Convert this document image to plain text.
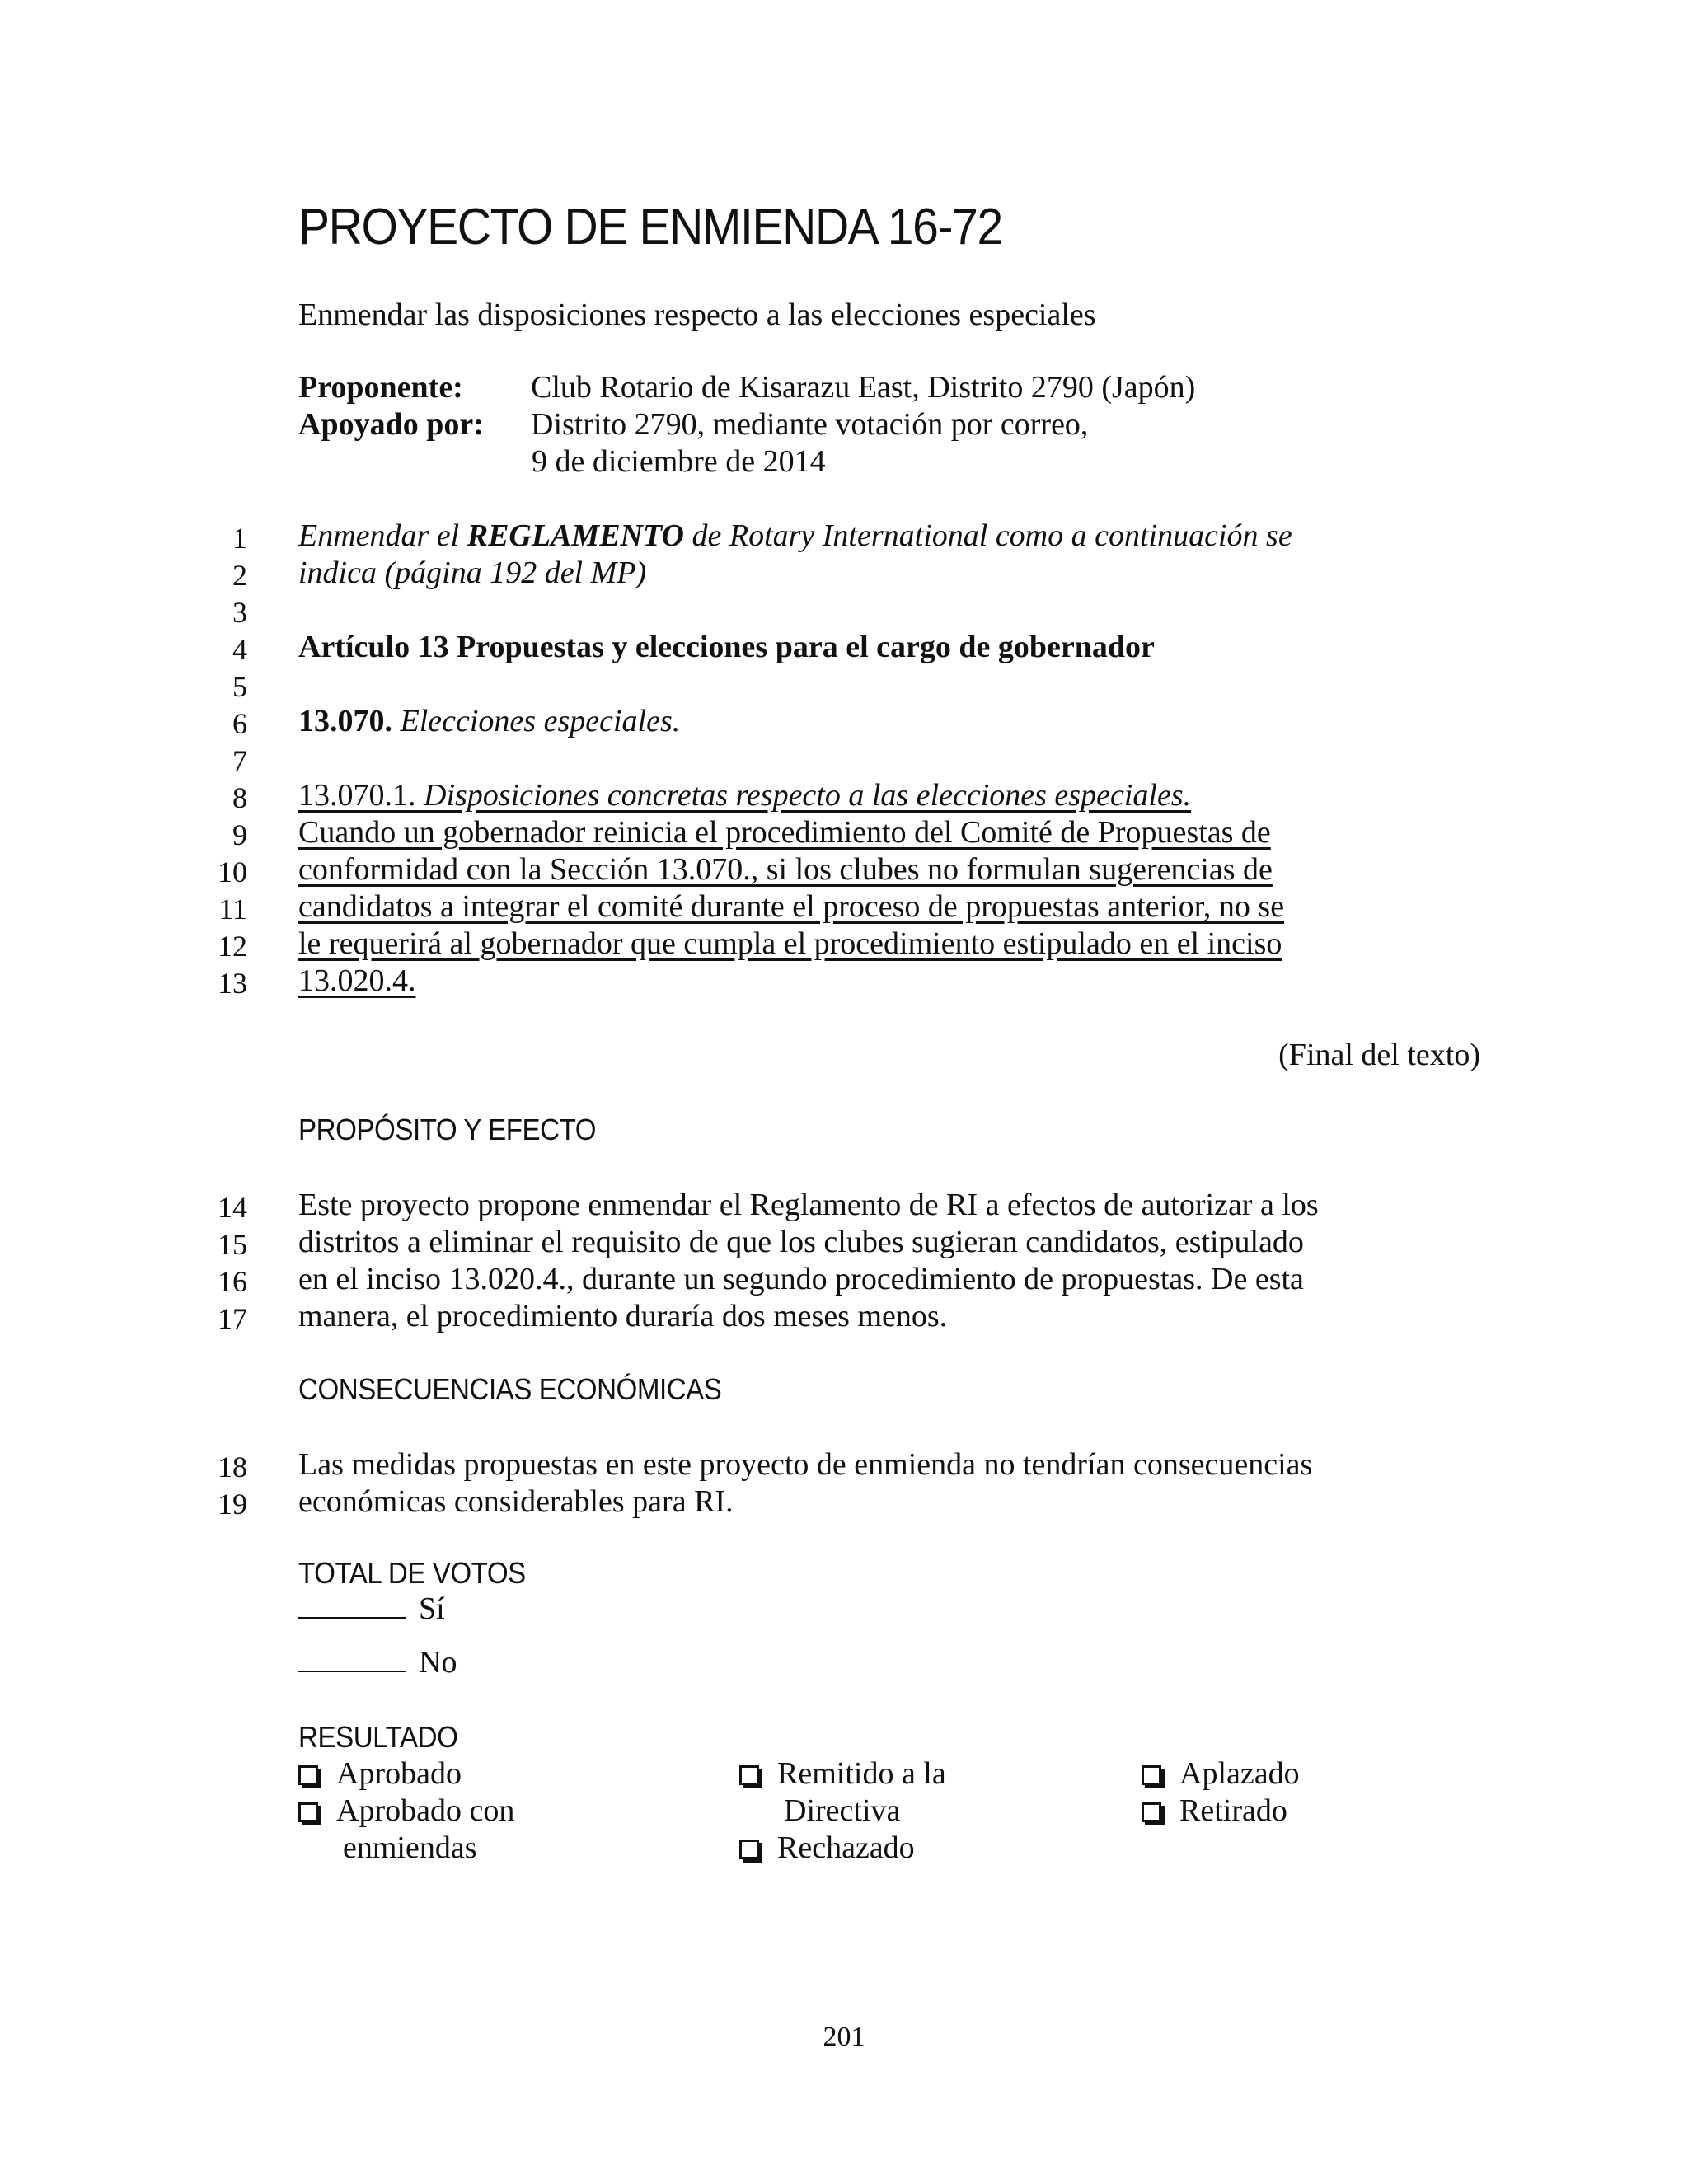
PROYECTO DE ENMIENDA 16-72
Enmendar las disposiciones respecto a las elecciones especiales
Proponente: Club Rotario de Kisarazu East, Distrito 2790 (Japón)
Apoyado por: Distrito 2790, mediante votación por correo,
9 de diciembre de 2014
1
2
3
4
5
6
7
8
9
10
11
12
13
Enmendar el REGLAMENTO de Rotary International como a continuación se
indica (página 192 del MP)
Artículo 13 Propuestas y elecciones para el cargo de gobernador
13.070. Elecciones especiales.
13.070.1. Disposiciones concretas respecto a las elecciones especiales.
Cuando un gobernador reinicia el procedimiento del Comité de Propuestas de
conformidad con la Sección 13.070., si los clubes no formulan sugerencias de
candidatos a integrar el comité durante el proceso de propuestas anterior, no se
le requerirá al gobernador que cumpla el procedimiento estipulado en el inciso
13.020.4.
(Final del texto)
PROPÓSITO Y EFECTO
14
15
16
17
Este proyecto propone enmendar el Reglamento de RI a efectos de autorizar a los
distritos a eliminar el requisito de que los clubes sugieran candidatos, estipulado
en el inciso 13.020.4., durante un segundo procedimiento de propuestas. De esta
manera, el procedimiento duraría dos meses menos.
CONSECUENCIAS ECONÓMICAS
18
19
Las medidas propuestas en este proyecto de enmienda no tendrían consecuencias
económicas considerables para RI.
TOTAL DE VOTOS
Sí
No
RESULTADO
Aprobado
Aprobado con
enmiendas
Remitido a la
Directiva
Rechazado
Aplazado
Retirado
201
